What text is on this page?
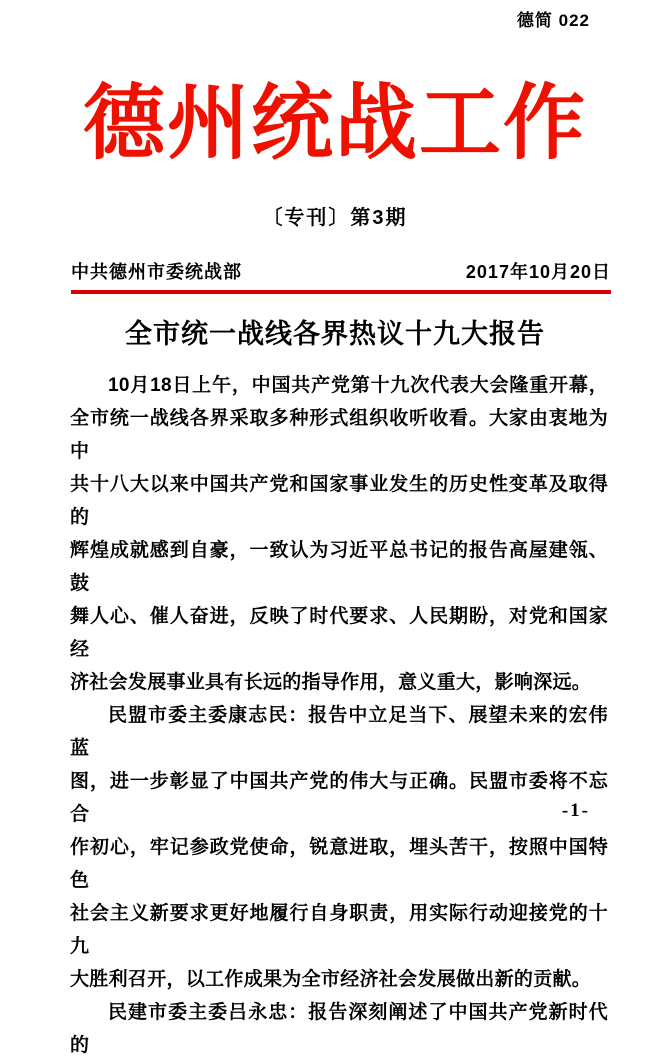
德简 022
德州统战工作
〔专刊〕第3期
中共德州市委统战部	2017年10月20日
全市统一战线各界热议十九大报告
10月18日上午，中国共产党第十九次代表大会隆重开幕，
全市统一战线各界采取多种形式组织收听收看。大家由衷地为中
共十八大以来中国共产党和国家事业发生的历史性变革及取得的
辉煌成就感到自豪，一致认为习近平总书记的报告高屋建瓴、鼓
舞人心、催人奋进，反映了时代要求、人民期盼，对党和国家经
济社会发展事业具有长远的指导作用，意义重大，影响深远。
民盟市委主委康志民：报告中立足当下、展望未来的宏伟蓝
图，进一步彰显了中国共产党的伟大与正确。民盟市委将不忘合
作初心，牢记参政党使命，锐意进取，埋头苦干，按照中国特色
社会主义新要求更好地履行自身职责，用实际行动迎接党的十九
大胜利召开，以工作成果为全市经济社会发展做出新的贡献。
民建市委主委吕永忠：报告深刻阐述了中国共产党新时代的
-1-
